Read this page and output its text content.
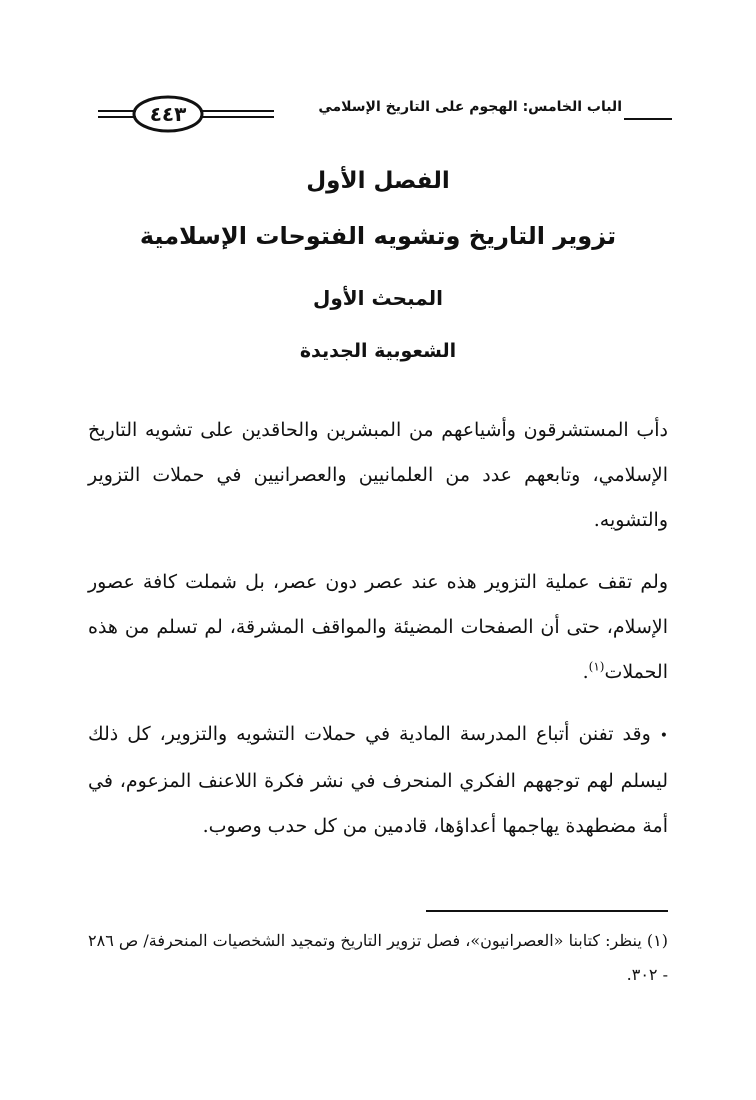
الباب الخامس: الهجوم على التاريخ الإسلامي
٤٤٣
الفصل الأول
تزوير التاريخ وتشويه الفتوحات الإسلامية
المبحث الأول
الشعوبية الجديدة

دأب المستشرقون وأشياعهم من المبشرين والحاقدين على تشويه التاريخ الإسلامي، وتابعهم عدد من العلمانيين والعصرانيين في حملات التزوير والتشويه.

ولم تقف عملية التزوير هذه عند عصر دون عصر، بل شملت كافة عصور الإسلام، حتى أن الصفحات المضيئة والمواقف المشرقة، لم تسلم من هذه الحملات$^{(١)}$.

• وقد تفنن أتباع المدرسة المادية في حملات التشويه والتزوير، كل ذلك ليسلم لهم توجههم الفكري المنحرف في نشر فكرة اللاعنف المزعوم، في أمة مضطهدة يهاجمها أعداؤها، قادمين من كل حدب وصوب.

(١) ينظر: كتابنا «العصرانيون»، فصل تزوير التاريخ وتمجيد الشخصيات المنحرفة/ ص ٢٨٦ - ٣٠٢.
